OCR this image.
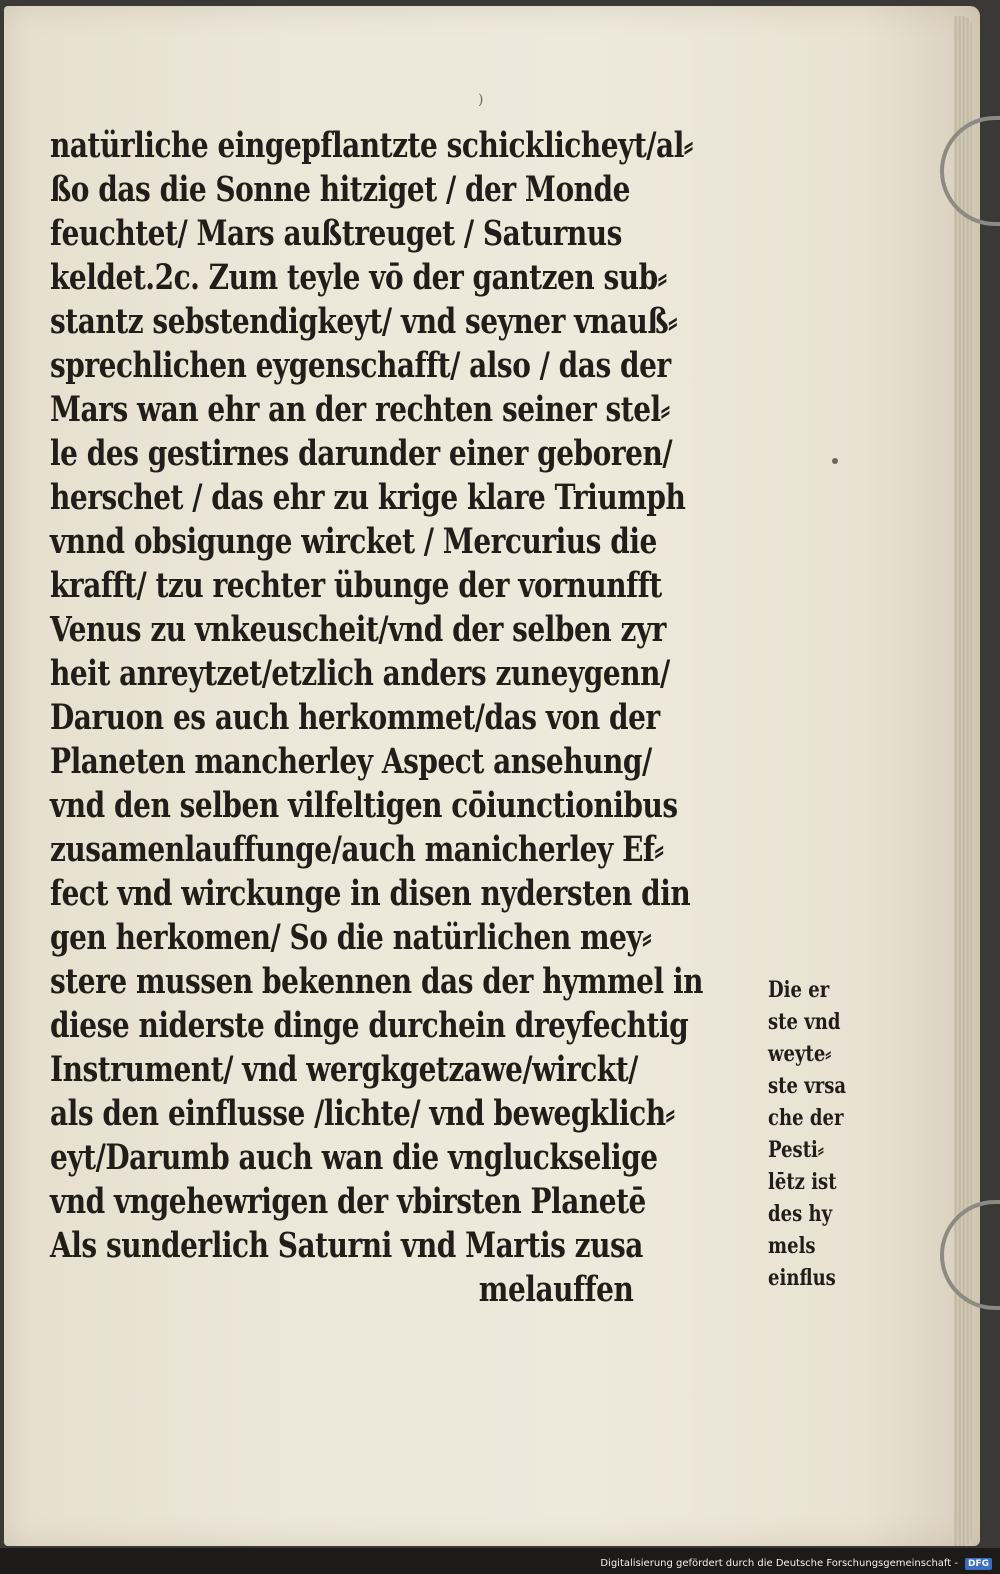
)
natürliche eingepflantzte schicklicheyt/al⸗
ßo das die Sonne hitziget / der Monde
feuchtet/ Mars außtreuget / Saturnus
keldet.2c. Zum teyle vō der gantzen sub⸗
stantz sebstendigkeyt/ vnd seyner vnauß⸗
sprechlichen eygenschafft/ also / das der
Mars wan ehr an der rechten seiner stel⸗
le des gestirnes darunder einer geboren/
herschet / das ehr zu krige klare Triumph
vnnd obsigunge wircket / Mercurius die
krafft/ tzu rechter übunge der vornunfft
Venus zu vnkeuscheit/vnd der selben zyr
heit anreytzet/etzlich anders zuneygenn/
Daruon es auch herkommet/das von der
Planeten mancherley Aspect ansehung/
vnd den selben vilfeltigen cōiunctionibus
zusamenlauffunge/auch manicherley Ef⸗
fect vnd wirckunge in disen nydersten din
gen herkomen/ So die natürlichen mey⸗
stere mussen bekennen das der hymmel in
diese niderste dinge durchein dreyfechtig
Instrument/ vnd wergkgetzawe/wirckt/
als den einflusse /lichte/ vnd bewegklich⸗
eyt/Darumb auch wan die vngluckselige
vnd vngehewrigen der vbirsten Planetē
Als sunderlich Saturni vnd Martis zusa
melauffen
Die er
ste vnd
weyte⸗
ste vrsa
che der
Pesti⸗
lētz ist
des hy
mels
einflus
Digitalisierung gefördert durch die Deutsche Forschungsgemeinschaft -	DFG
